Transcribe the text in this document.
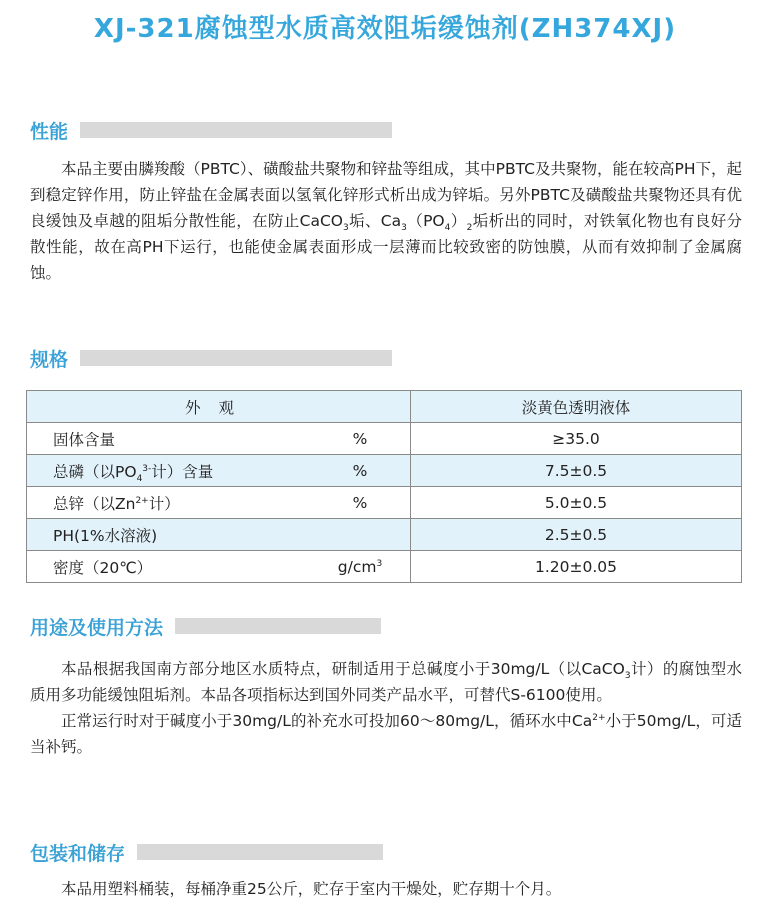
XJ-321腐蚀型水质高效阻垢缓蚀剂(ZH374XJ)
性能

本品主要由膦羧酸（PBTC）、磺酸盐共聚物和锌盐等组成，其中PBTC及共聚物，能在较高PH下，起到稳定锌作用，防止锌盐在金属表面以氢氧化锌形式析出成为锌垢。另外PBTC及磺酸盐共聚物还具有优良缓蚀及卓越的阻垢分散性能，在防止CaCO$_3$垢、$Ca_3(PO_4)_2$垢析出的同时，对铁氧化物也有良好分散性能，故在高PH下运行，也能使金属表面形成一层薄而比较致密的防蚀膜，从而有效抑制了金属腐蚀。

规格
外观		淡黄色透明液体
固体含量	%	≥35.0
总磷（以$PO_4^{3-}$计）含量	%	7.5±0.5
总锌（以$Zn^{2+}$计）	%	5.0±0.5
PH(1%水溶液)		2.5±0.5
密度（20℃）	$g/cm^3$	1.20±0.05
用途及使用方法

本品根据我国南方部分地区水质特点，研制适用于总碱度小于30mg/L（以CaCO$_3$计）的腐蚀型水质用多功能缓蚀阻垢剂。本品各项指标达到国外同类产品水平，可替代S-6100使用。

正常运行时对于碱度小于30mg/L的补充水可投加60～80mg/L，循环水中$Ca^{2+}$小于50mg/L，可适当补钙。

包装和储存

本品用塑料桶装，每桶净重25公斤，贮存于室内干燥处，贮存期十个月。
